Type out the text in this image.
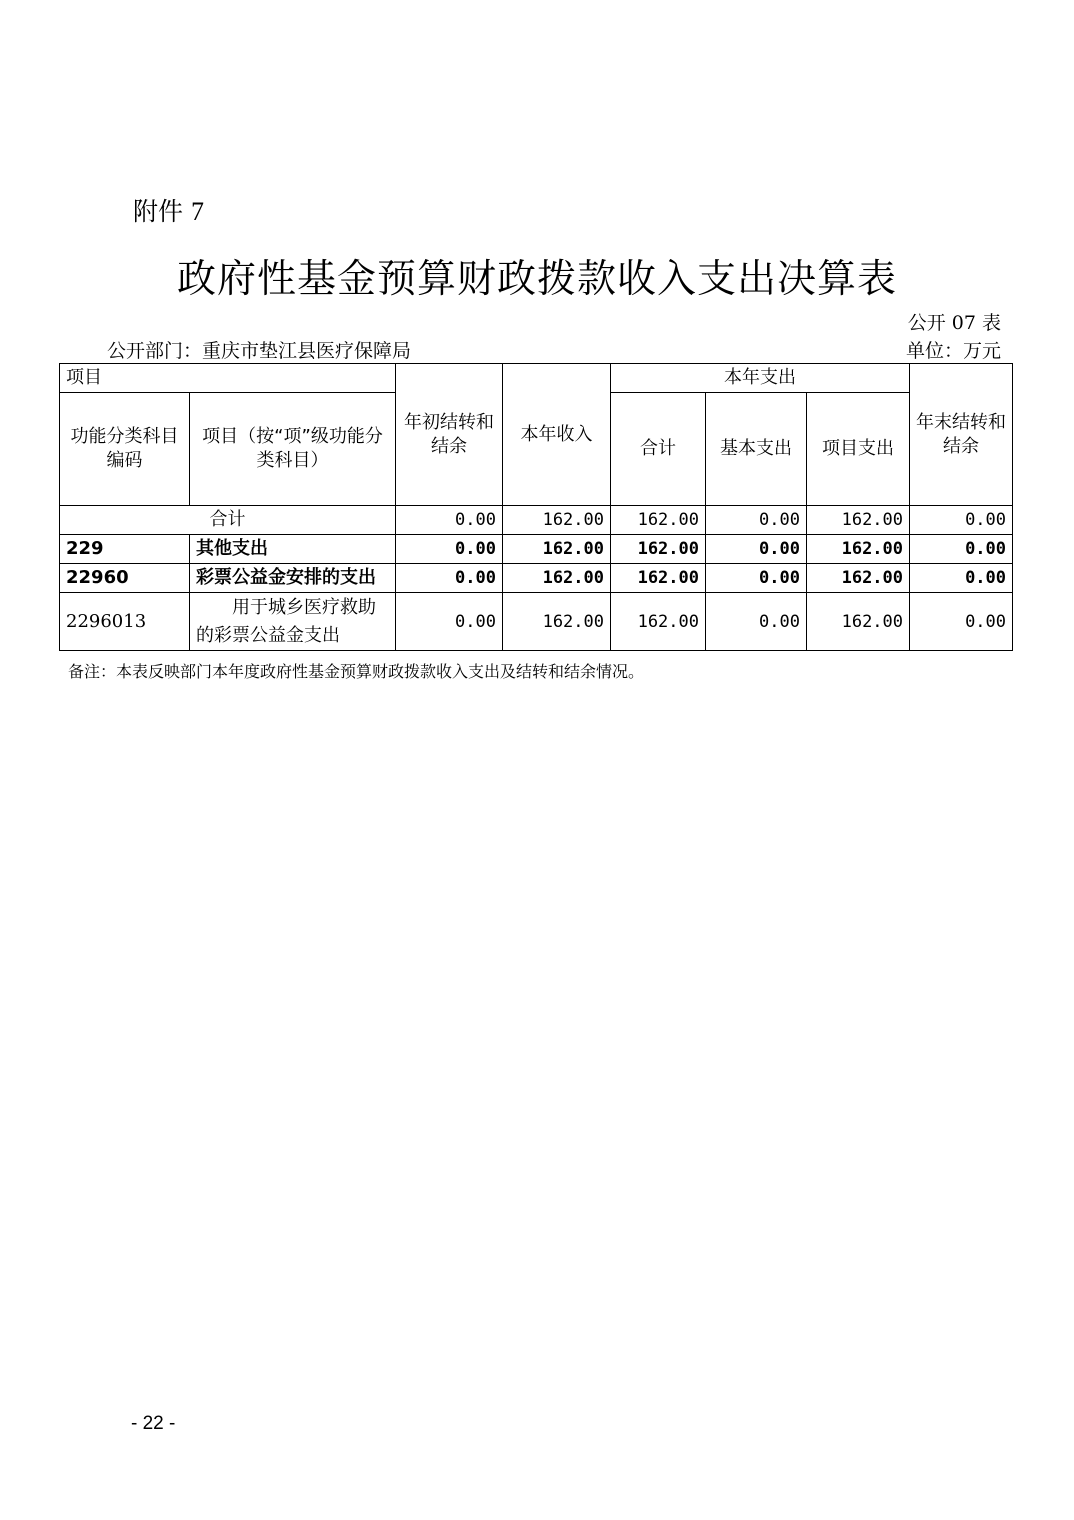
附件 7
政府性基金预算财政拨款收入支出决算表
公开 07 表
公开部门：重庆市垫江县医疗保障局	单位：万元
项目		年初结转和结余	本年收入	本年支出			年末结转和结余
功能分类科目编码	项目（按“项”级功能分类科目）			合计	基本支出	项目支出	
合计		0.00	162.00	162.00	0.00	162.00	0.00
229	其他支出	0.00	162.00	162.00	0.00	162.00	0.00
22960	彩票公益金安排的支出	0.00	162.00	162.00	0.00	162.00	0.00
2296013	用于城乡医疗救助的彩票公益金支出	0.00	162.00	162.00	0.00	162.00	0.00
备注：本表反映部门本年度政府性基金预算财政拨款收入支出及结转和结余情况。
- 22 -
